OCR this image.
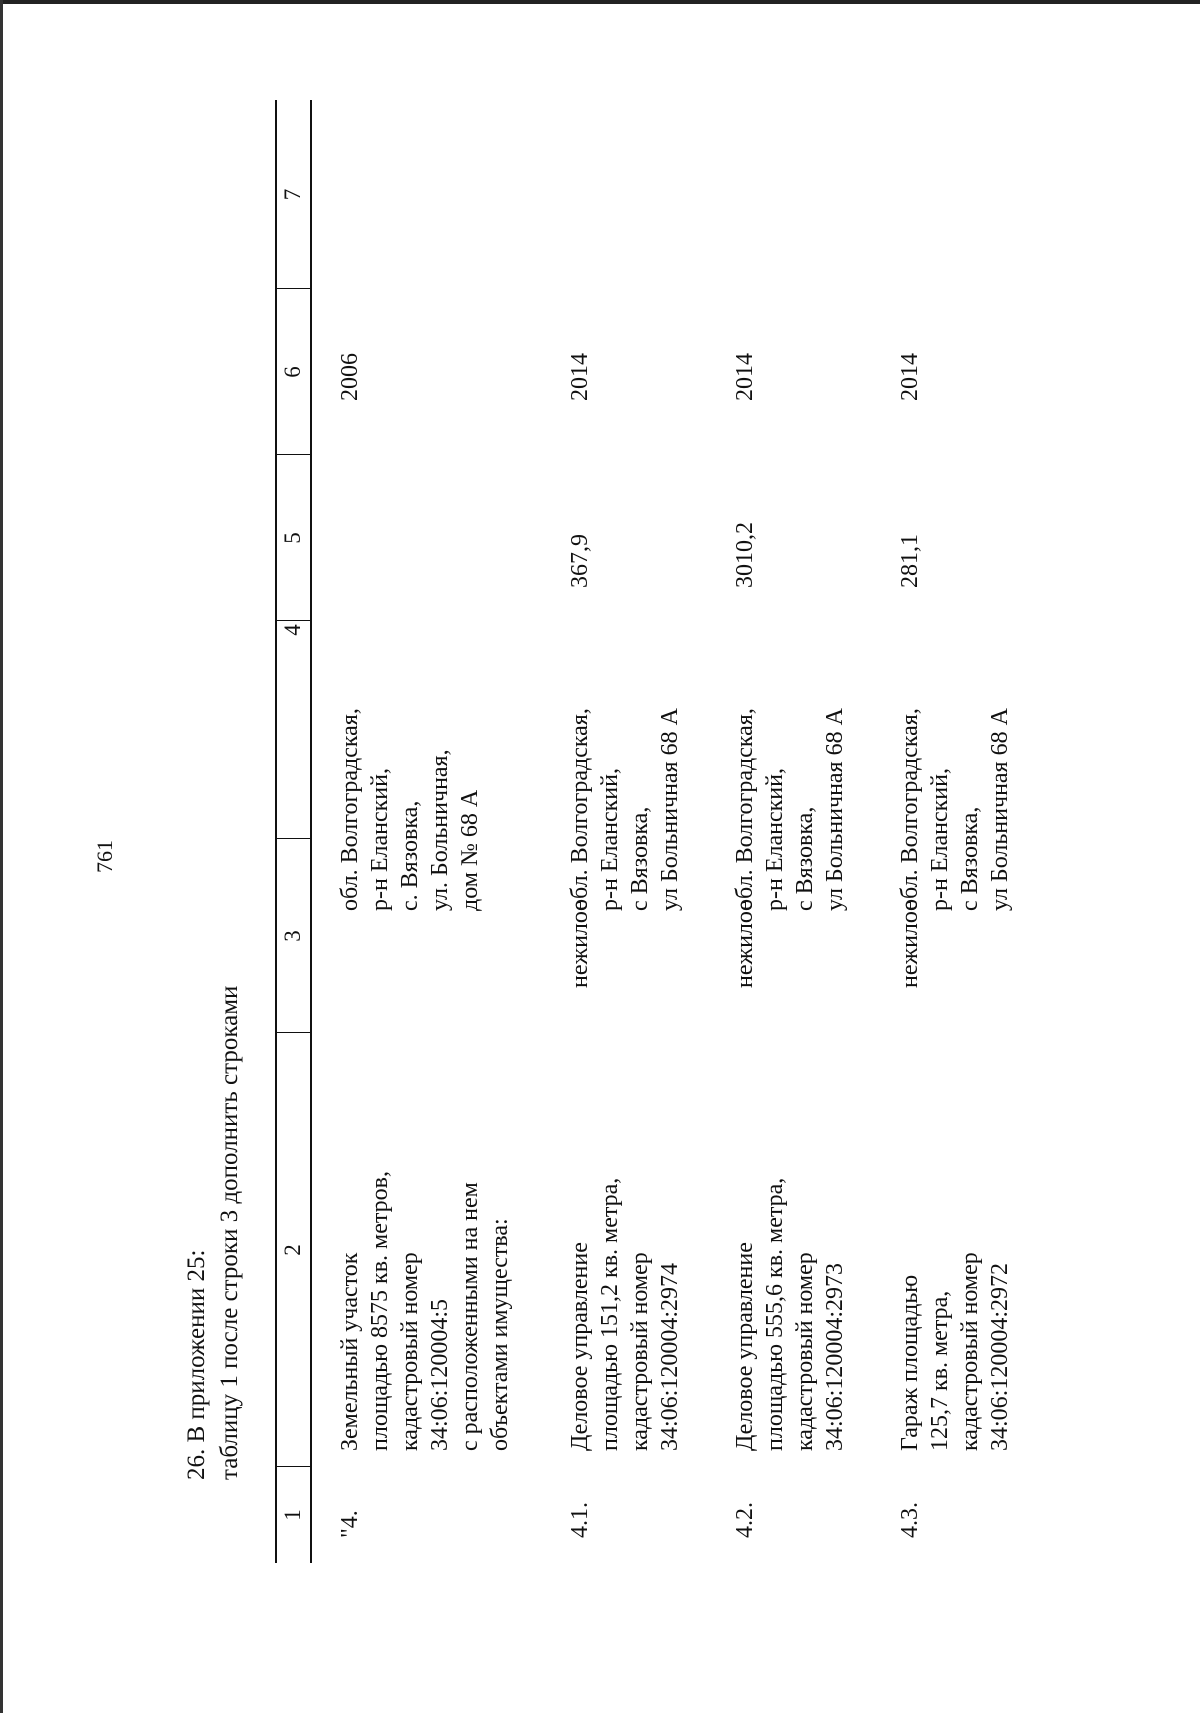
761
26. В приложении 25: таблицу 1 после строки 3 дополнить строками
1
2
3
4
5
6
7
"4.
Земельный участок площадью 8575 кв. метров, кадастровый номер 34:06:120004:5 с расположенными на нем объектами имущества:
обл. Волгоградская, р-н Еланский, с. Вязовка, ул. Больничная, дом № 68 А
2006
4.1.
Деловое управление площадью 151,2 кв. метра, кадастровый номер 34:06:120004:2974
нежилое
обл. Волгоградская, р-н Еланский, с Вязовка, ул Больничная 68 А
367,9
2014
4.2.
Деловое управление площадью 555,6 кв. метра, кадастровый номер 34:06:120004:2973
нежилое
обл. Волгоградская, р-н Еланский, с Вязовка, ул Больничная 68 А
3010,2
2014
4.3.
Гараж площадью 125,7 кв. метра, кадастровый номер 34:06:120004:2972
нежилое
обл. Волгоградская, р-н Еланский, с Вязовка, ул Больничная 68 А
281,1
2014
